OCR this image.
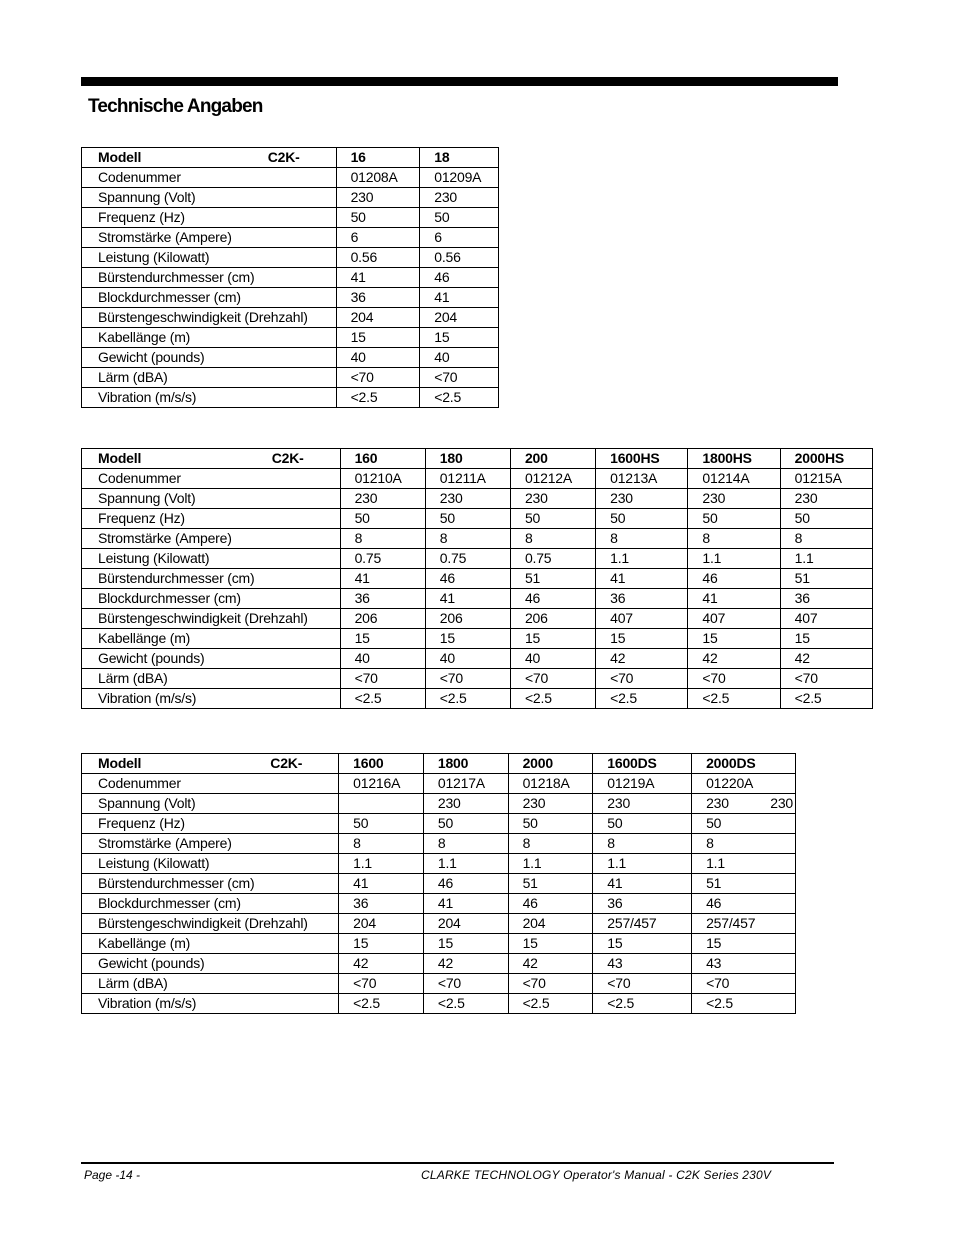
Technische Angaben
Modell C2K-	16	18
Codenummer	01208A	01209A
Spannung (Volt)	230	230
Frequenz (Hz)	50	50
Stromstärke (Ampere)	6	6
Leistung (Kilowatt)	0.56	0.56
Bürstendurchmesser (cm)	41	46
Blockdurchmesser (cm)	36	41
Bürstengeschwindigkeit (Drehzahl)	204	204
Kabellänge (m)	15	15
Gewicht (pounds)	40	40
Lärm (dBA)	<70	<70
Vibration (m/s/s)	<2.5	<2.5
Modell C2K-	160	180	200	1600HS	1800HS	2000HS
Codenummer	01210A	01211A	01212A	01213A	01214A	01215A
Spannung (Volt)	230	230	230	230	230	230
Frequenz (Hz)	50	50	50	50	50	50
Stromstärke (Ampere)	8	8	8	8	8	8
Leistung (Kilowatt)	0.75	0.75	0.75	1.1	1.1	1.1
Bürstendurchmesser (cm)	41	46	51	41	46	51
Blockdurchmesser (cm)	36	41	46	36	41	36
Bürstengeschwindigkeit (Drehzahl)	206	206	206	407	407	407
Kabellänge (m)	15	15	15	15	15	15
Gewicht (pounds)	40	40	40	42	42	42
Lärm (dBA)	<70	<70	<70	<70	<70	<70
Vibration (m/s/s)	<2.5	<2.5	<2.5	<2.5	<2.5	<2.5
Modell C2K-	1600	1800	2000	1600DS	2000DS
Codenummer	01216A	01217A	01218A	01219A	01220A
Spannung (Volt)		230	230	230	230 230

Frequenz (Hz)	50	50	50	50	50
Stromstärke (Ampere)	8	8	8	8	8
Leistung (Kilowatt)	1.1	1.1	1.1	1.1	1.1
Bürstendurchmesser (cm)	41	46	51	41	51
Blockdurchmesser (cm)	36	41	46	36	46
Bürstengeschwindigkeit (Drehzahl)	204	204	204	257/457	257/457
Kabellänge (m)	15	15	15	15	15
Gewicht (pounds)	42	42	42	43	43
Lärm (dBA)	<70	<70	<70	<70	<70
Vibration (m/s/s)	<2.5	<2.5	<2.5	<2.5	<2.5
Page -14 -	CLARKE TECHNOLOGY Operator's Manual - C2K Series 230V
